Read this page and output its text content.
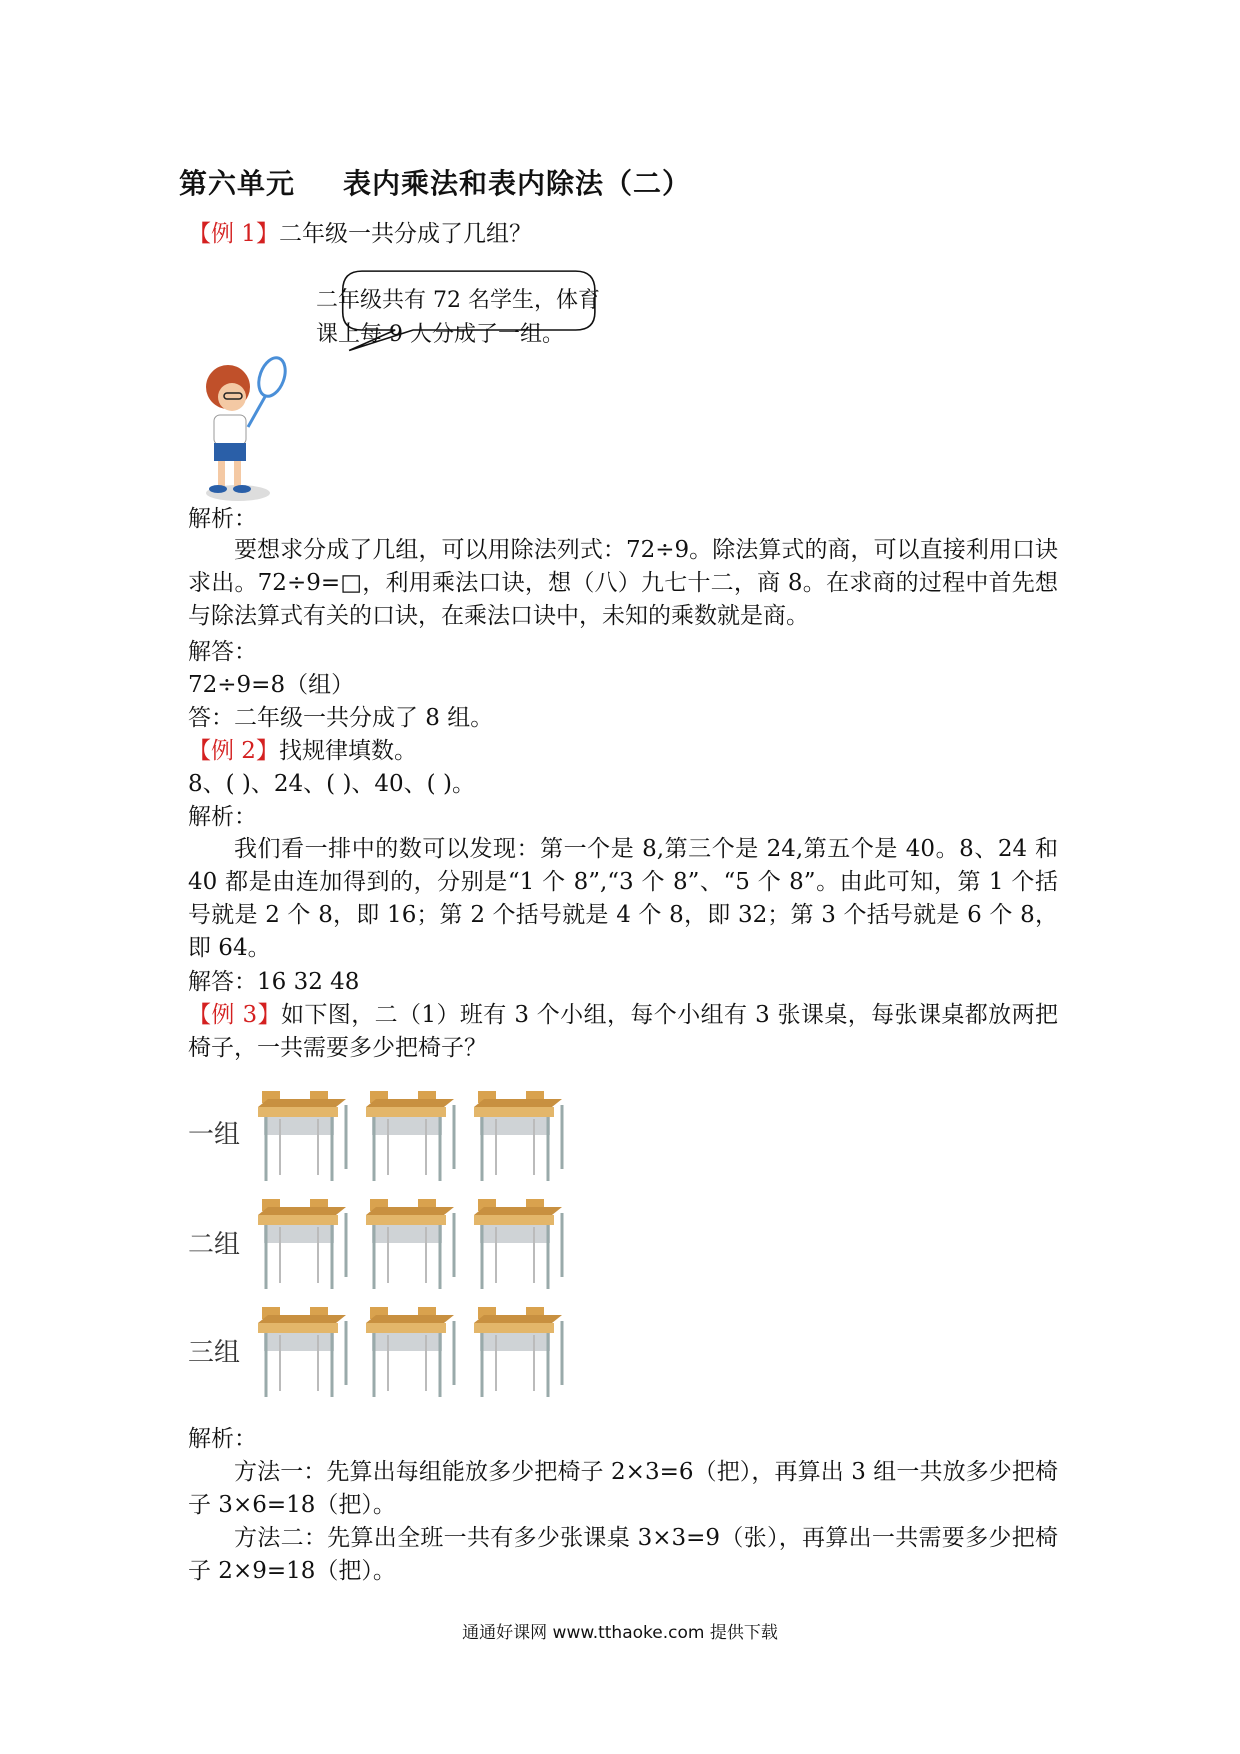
第六单元 表内乘法和表内除法（二）
【例 1】二年级一共分成了几组？
二年级共有 72 名学生，体育
课上每 9 人分成了一组。
解析：
要想求分成了几组，可以用除法列式：72÷9。除法算式的商，可以直接利用口诀求出。72÷9=□，利用乘法口诀，想（八）九七十二，商 8。在求商的过程中首先想与除法算式有关的口诀，在乘法口诀中，未知的乘数就是商。
解答：
72÷9=8（组）
答：二年级一共分成了 8 组。
【例 2】找规律填数。
8、( )、24、( )、40、( )。
解析：
我们看一排中的数可以发现：第一个是 8,第三个是 24,第五个是 40。8、24 和 40 都是由连加得到的，分别是“1 个 8”,“3 个 8”、“5 个 8”。由此可知，第 1 个括号就是 2 个 8，即 16；第 2 个括号就是 4 个 8，即 32；第 3 个括号就是 6 个 8，即 64。
解答：16 32 48
【例 3】如下图，二（1）班有 3 个小组，每个小组有 3 张课桌，每张课桌都放两把椅子，一共需要多少把椅子？
一组
二组
三组
解析：
方法一：先算出每组能放多少把椅子 2×3=6（把），再算出 3 组一共放多少把椅子 3×6=18（把）。
方法二：先算出全班一共有多少张课桌 3×3=9（张），再算出一共需要多少把椅子 2×9=18（把）。
通通好课网 www.tthaoke.com 提供下载
